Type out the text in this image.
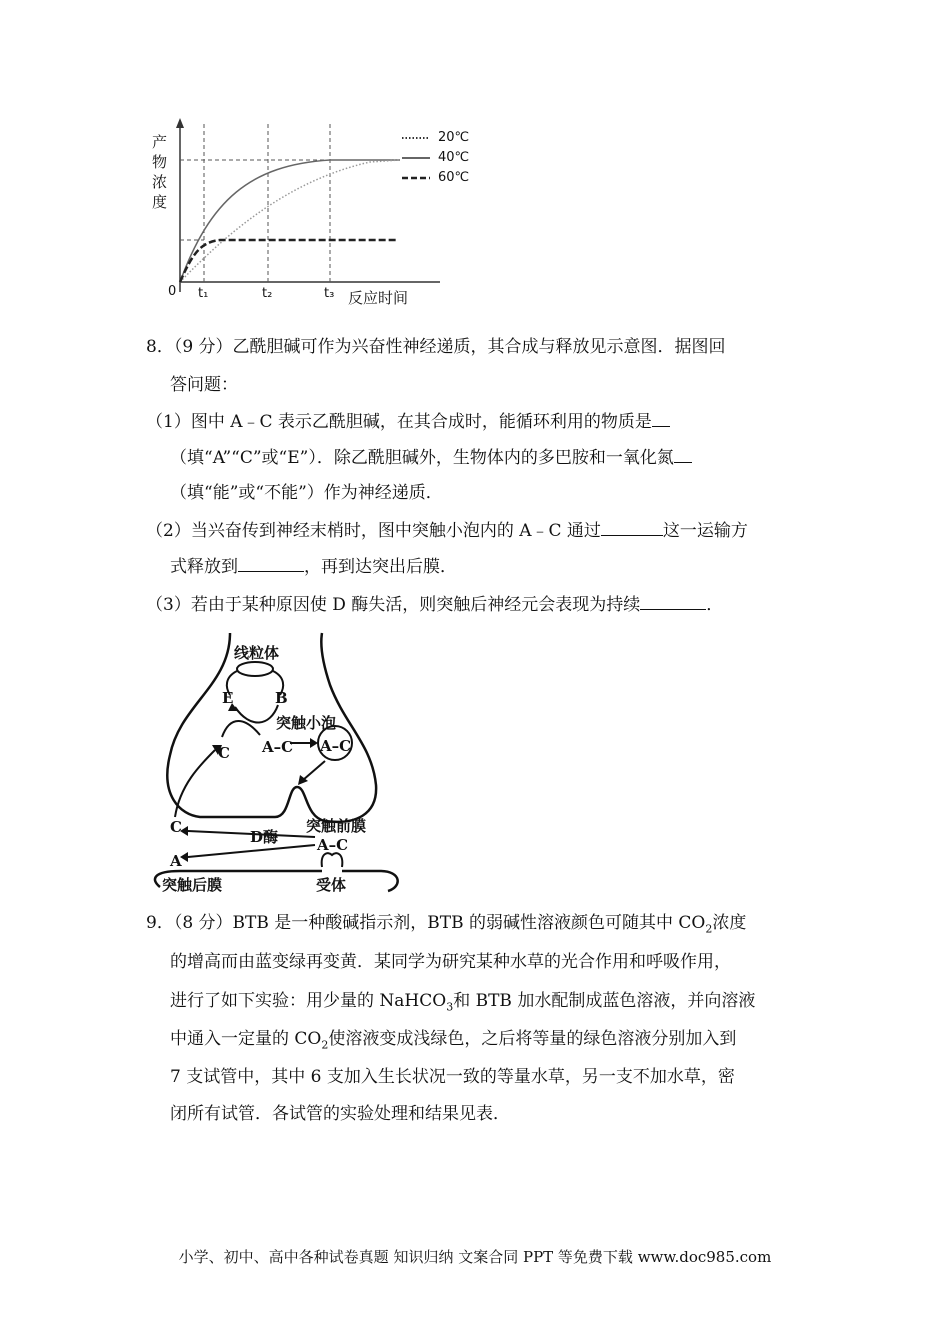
产
物
浓
度
0 t₁	t₂	t₃ 反应时间
20℃
40℃
60℃
8．（9 分）乙酰胆碱可作为兴奋性神经递质，其合成与释放见示意图．据图回
答问题：
（1）图中 A﹣C 表示乙酰胆碱，在其合成时，能循环利用的物质是
（填“A”“C”或“E”）．除乙酰胆碱外，生物体内的多巴胺和一氧化氮
（填“能”或“不能”）作为神经递质．
（2）当兴奋传到神经末梢时，图中突触小泡内的 A﹣C 通过	这一运输方
式释放到	，再到达突出后膜．
（3）若由于某种原因使 D 酶失活，则突触后神经元会表现为持续	．
线粒体
E	B
突触小泡
C A–C A–C
突触前膜
C
D酶	A–C
A
突触后膜	受体
9．（8 分）BTB 是一种酸碱指示剂，BTB 的弱碱性溶液颜色可随其中 $CO_2$浓度
的增高而由蓝变绿再变黄．某同学为研究某种水草的光合作用和呼吸作用，
进行了如下实验：用少量的 NaHCO$_3$和 BTB 加水配制成蓝色溶液，并向溶液
中通入一定量的 $CO_2$使溶液变成浅绿色，之后将等量的绿色溶液分别加入到
7 支试管中，其中 6 支加入生长状况一致的等量水草，另一支不加水草，密
闭所有试管．各试管的实验处理和结果见表．
小学、初中、高中各种试卷真题 知识归纳 文案合同 PPT 等免费下载 www.doc985.com
